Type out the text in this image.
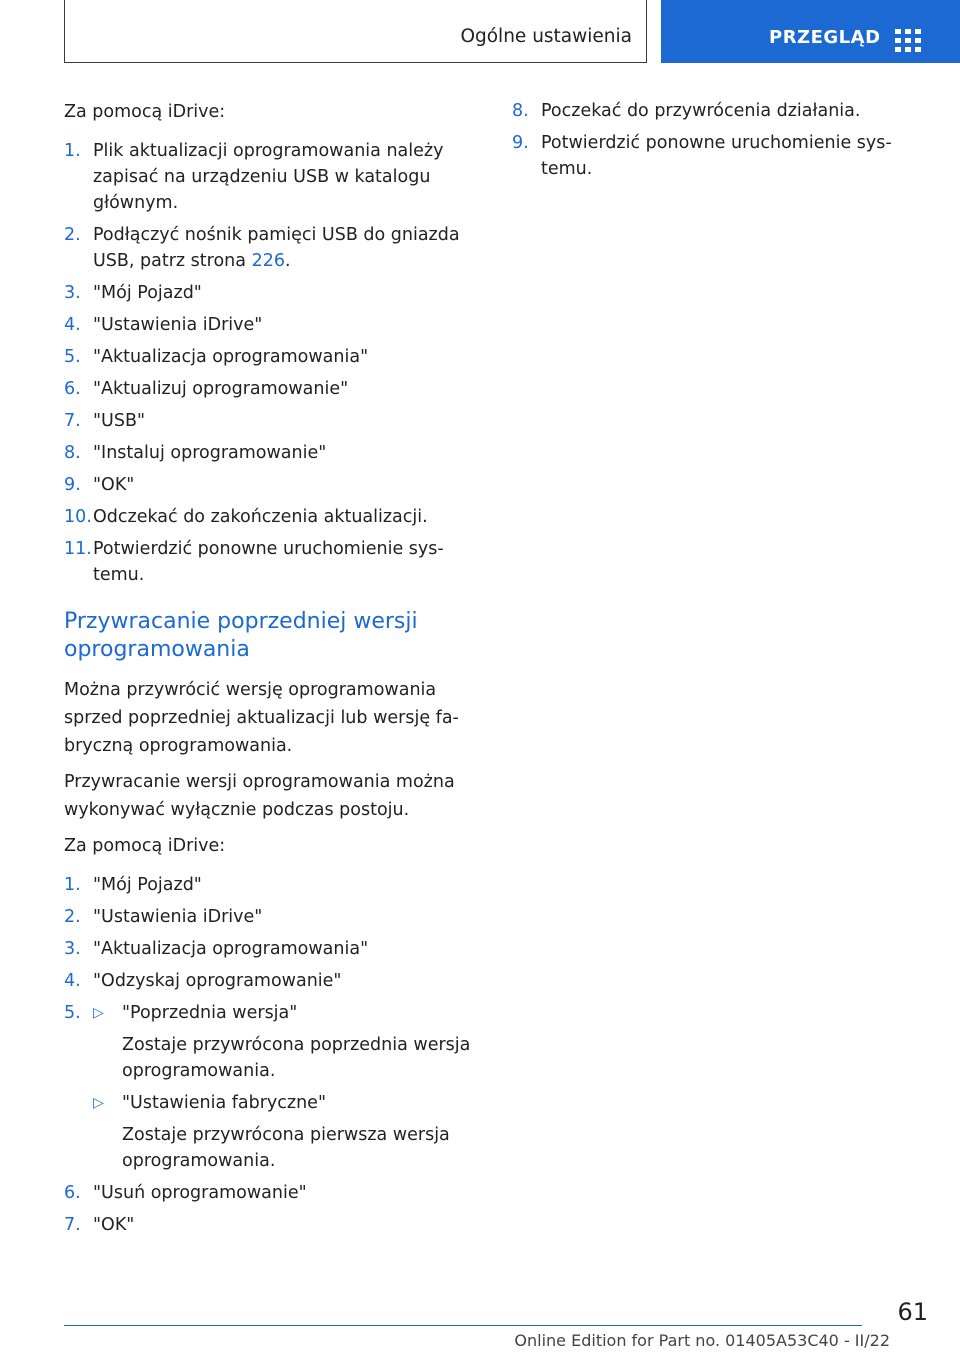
Ogólne ustawienia	PRZEGLĄD

Za pomocą iDrive:

1. Plik aktualizacji oprogramowania należy zapisać na urządzeniu USB w katalogu głównym.
2. Podłączyć nośnik pamięci USB do gniazda USB, patrz strona 226.
3. "Mój Pojazd"
4. "Ustawienia iDrive"
5. "Aktualizacja oprogramowania"
6. "Aktualizuj oprogramowanie"
7. "USB"
8. "Instaluj oprogramowanie"
9. "OK"
10. Odczekać do zakończenia aktualizacji.
11. Potwierdzić ponowne uruchomienie sys- temu.
Przywracanie poprzedniej wersji oprogramowania

Można przywrócić wersję oprogramowania sprzed poprzedniej aktualizacji lub wersję fa- bryczną oprogramowania.

Przywracanie wersji oprogramowania można wykonywać wyłącznie podczas postoju.

Za pomocą iDrive:

1. "Mój Pojazd"
2. "Ustawienia iDrive"
3. "Aktualizacja oprogramowania"
4. "Odzyskaj oprogramowanie"
5. ▷ "Poprzednia wersja"
Zostaje przywrócona poprzednia wersja oprogramowania.
▷ "Ustawienia fabryczne"
Zostaje przywrócona pierwsza wersja oprogramowania.
6. "Usuń oprogramowanie"
7. "OK"
8. Poczekać do przywrócenia działania.
9. Potwierdzić ponowne uruchomienie sys- temu.
61
Online Edition for Part no. 01405A53C40 - II/22
